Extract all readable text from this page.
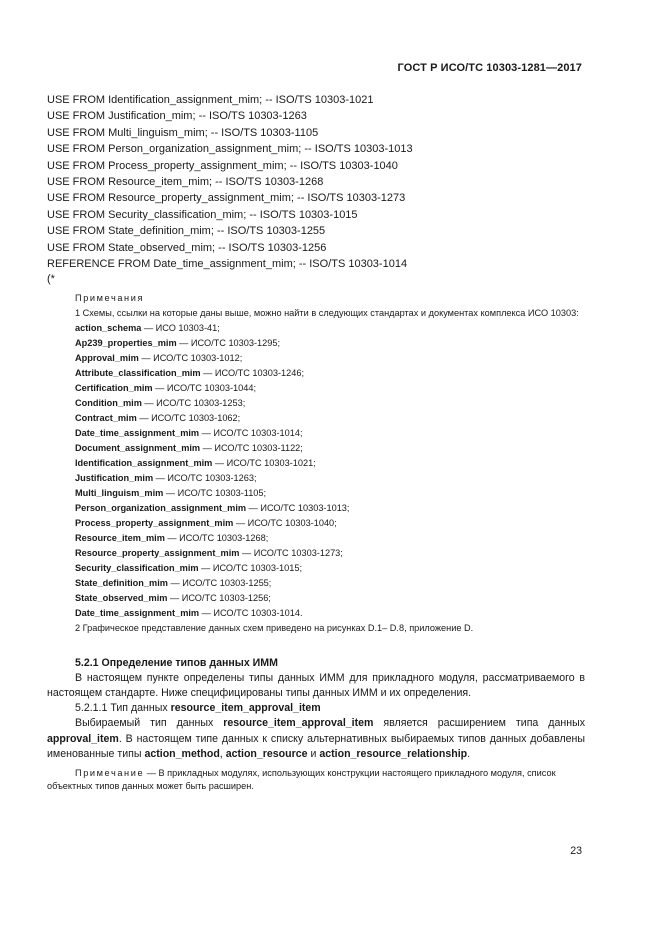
ГОСТ Р ИСО/ТС 10303-1281—2017
USE FROM Identification_assignment_mim; -- ISO/TS 10303-1021
USE FROM Justification_mim; -- ISO/TS 10303-1263
USE FROM Multi_linguism_mim; -- ISO/TS 10303-1105
USE FROM Person_organization_assignment_mim; -- ISO/TS 10303-1013
USE FROM Process_property_assignment_mim; -- ISO/TS 10303-1040
USE FROM Resource_item_mim; -- ISO/TS 10303-1268
USE FROM Resource_property_assignment_mim; -- ISO/TS 10303-1273
USE FROM Security_classification_mim; -- ISO/TS 10303-1015
USE FROM State_definition_mim; -- ISO/TS 10303-1255
USE FROM State_observed_mim; -- ISO/TS 10303-1256
REFERENCE FROM Date_time_assignment_mim; -- ISO/TS 10303-1014
(*
Примечания
1 Схемы, ссылки на которые даны выше, можно найти в следующих стандартах и документах комплекса ИСО 10303:
action_schema — ИСО 10303-41;
Ap239_properties_mim — ИСО/ТС 10303-1295;
Approval_mim — ИСО/ТС 10303-1012;
Attribute_classification_mim — ИСО/ТС 10303-1246;
Certification_mim — ИСО/ТС 10303-1044;
Condition_mim — ИСО/ТС 10303-1253;
Contract_mim — ИСО/ТС 10303-1062;
Date_time_assignment_mim — ИСО/ТС 10303-1014;
Document_assignment_mim — ИСО/ТС 10303-1122;
Identification_assignment_mim — ИСО/ТС 10303-1021;
Justification_mim — ИСО/ТС 10303-1263;
Multi_linguism_mim — ИСО/ТС 10303-1105;
Person_organization_assignment_mim — ИСО/ТС 10303-1013;
Process_property_assignment_mim — ИСО/ТС 10303-1040;
Resource_item_mim — ИСО/ТС 10303-1268;
Resource_property_assignment_mim — ИСО/ТС 10303-1273;
Security_classification_mim — ИСО/ТС 10303-1015;
State_definition_mim — ИСО/ТС 10303-1255;
State_observed_mim — ИСО/ТС 10303-1256;
Date_time_assignment_mim — ИСО/ТС 10303-1014.
2 Графическое представление данных схем приведено на рисунках D.1– D.8, приложение D.
5.2.1 Определение типов данных ИММ
В настоящем пункте определены типы данных ИММ для прикладного модуля, рассматриваемого в настоящем стандарте. Ниже специфицированы типы данных ИММ и их определения.
5.2.1.1 Тип данных resource_item_approval_item
Выбираемый тип данных resource_item_approval_item является расширением типа данных approval_item. В настоящем типе данных к списку альтернативных выбираемых типов данных добавлены именованные типы action_method, action_resource и action_resource_relationship.
Примечание — В прикладных модулях, использующих конструкции настоящего прикладного модуля, список объектных типов данных может быть расширен.
23
